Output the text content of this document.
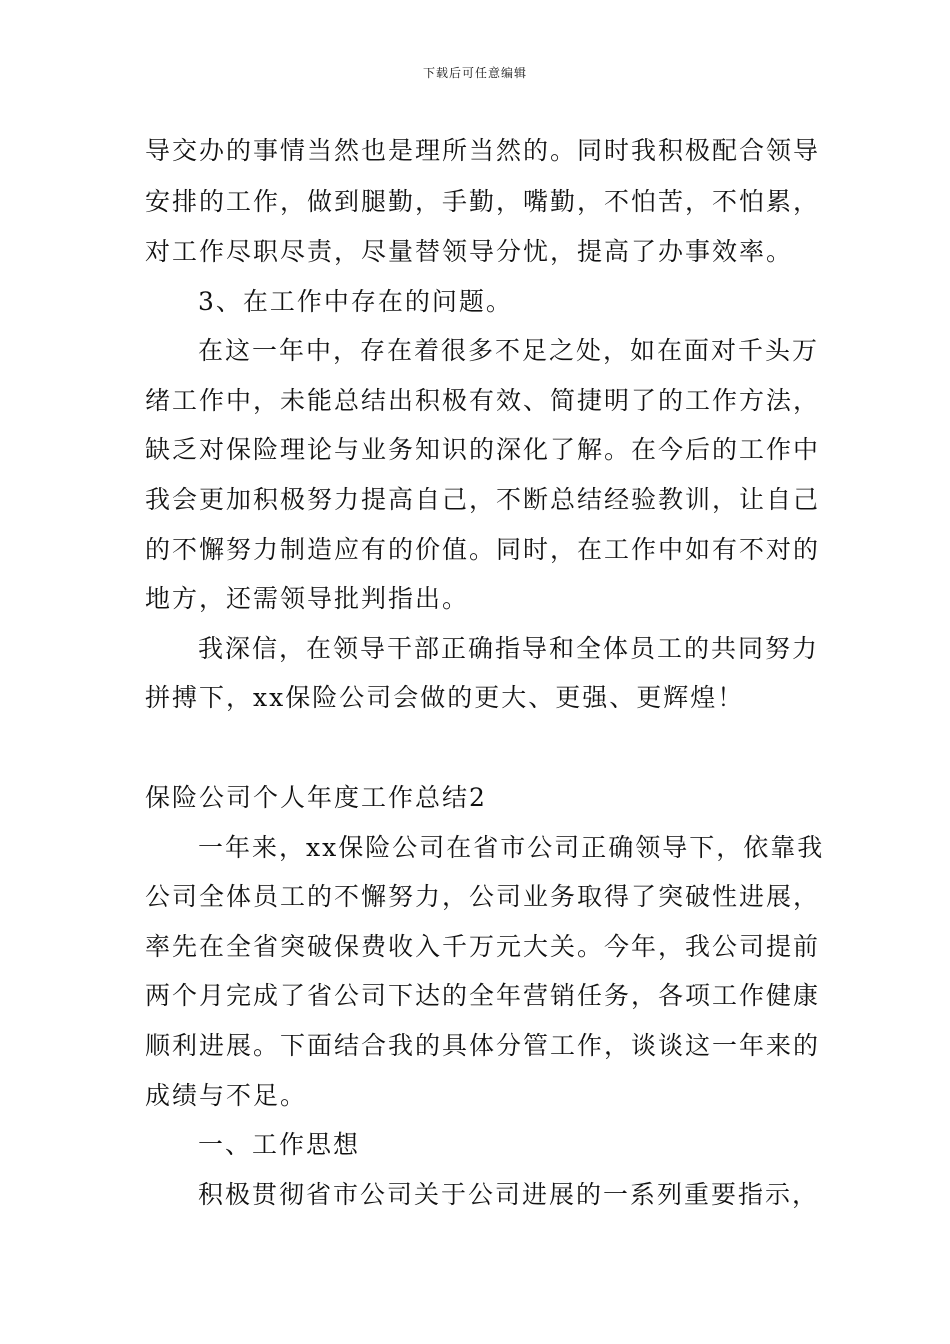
下载后可任意编辑
导交办的事情当然也是理所当然的。同时我积极配合领导
安排的工作，做到腿勤，手勤，嘴勤，不怕苦，不怕累，
对工作尽职尽责，尽量替领导分忧，提高了办事效率。
3、在工作中存在的问题。
在这一年中，存在着很多不足之处，如在面对千头万
绪工作中，未能总结出积极有效、简捷明了的工作方法，
缺乏对保险理论与业务知识的深化了解。在今后的工作中
我会更加积极努力提高自己，不断总结经验教训，让自己
的不懈努力制造应有的价值。同时，在工作中如有不对的
地方，还需领导批判指出。
我深信，在领导干部正确指导和全体员工的共同努力
拼搏下，xx保险公司会做的更大、更强、更辉煌！
保险公司个人年度工作总结2
一年来，xx保险公司在省市公司正确领导下，依靠我
公司全体员工的不懈努力，公司业务取得了突破性进展，
率先在全省突破保费收入千万元大关。今年，我公司提前
两个月完成了省公司下达的全年营销任务，各项工作健康
顺利进展。下面结合我的具体分管工作，谈谈这一年来的
成绩与不足。
一、工作思想
积极贯彻省市公司关于公司进展的一系列重要指示，
